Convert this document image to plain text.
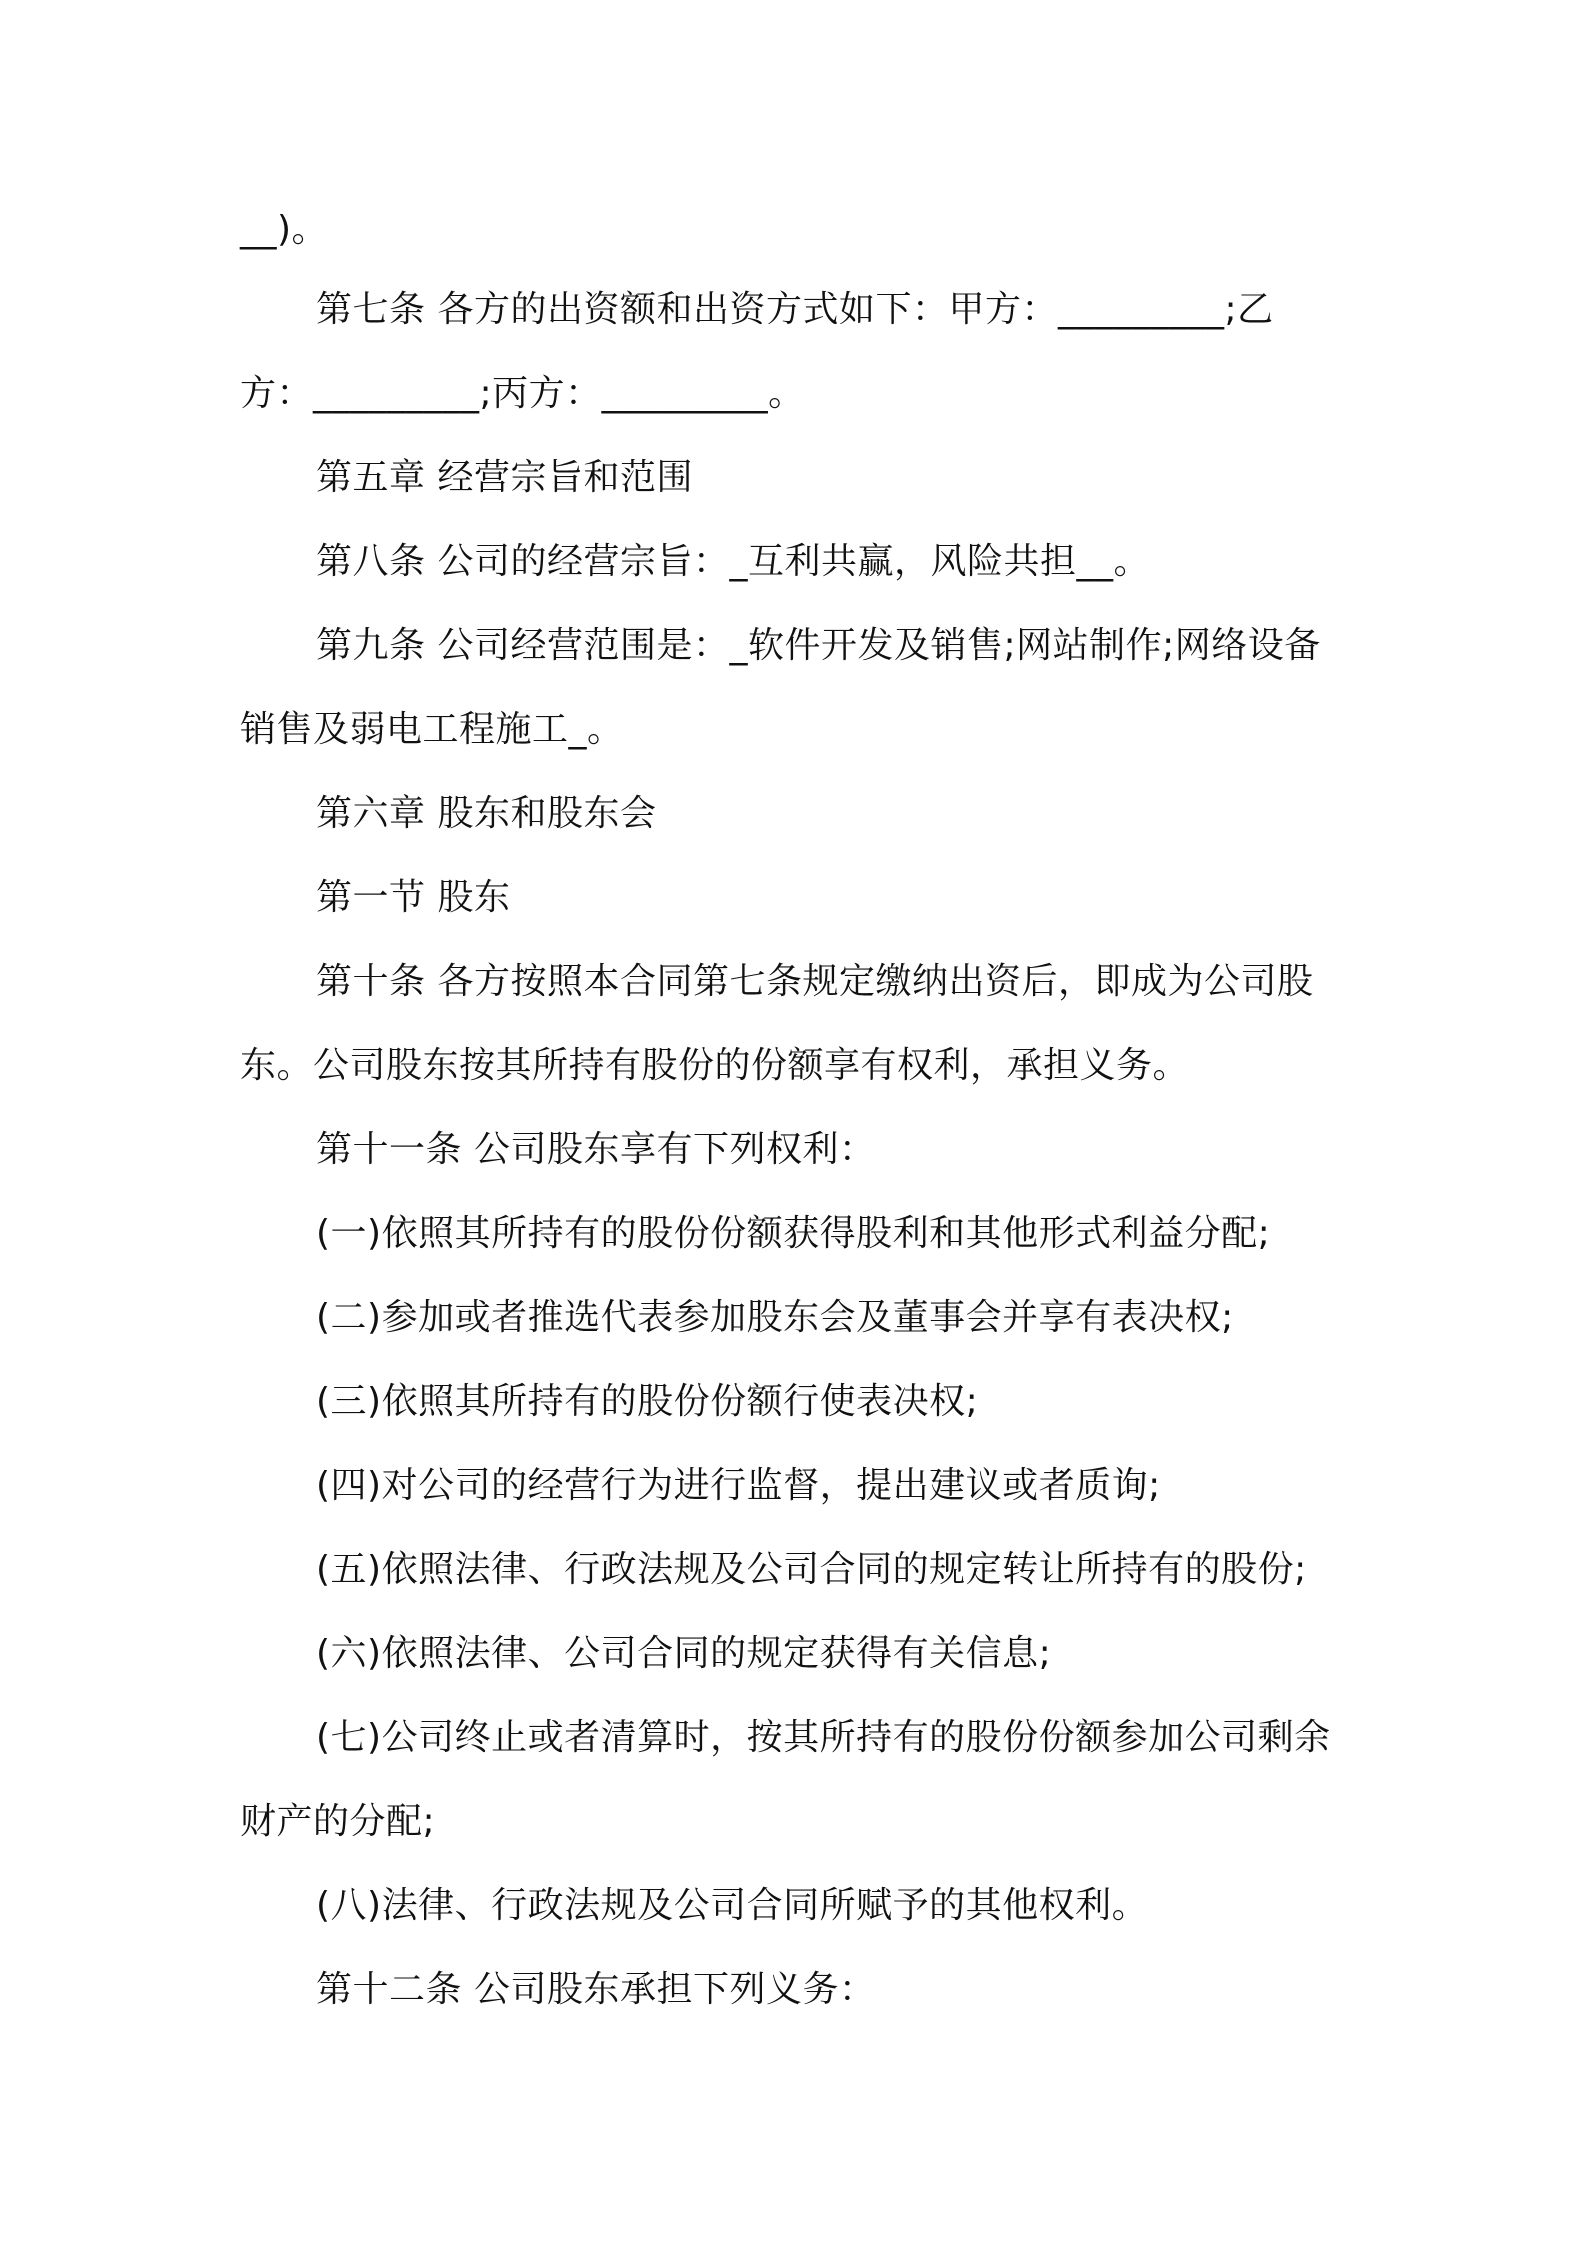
__)。
第七条 各方的出资额和出资方式如下：甲方：_________;乙
方：_________;丙方：_________。
第五章 经营宗旨和范围
第八条 公司的经营宗旨：_互利共赢，风险共担__。
第九条 公司经营范围是：_软件开发及销售;网站制作;网络设备
销售及弱电工程施工_。
第六章 股东和股东会
第一节 股东
第十条 各方按照本合同第七条规定缴纳出资后，即成为公司股
东。公司股东按其所持有股份的份额享有权利，承担义务。
第十一条 公司股东享有下列权利：
(一)依照其所持有的股份份额获得股利和其他形式利益分配;
(二)参加或者推选代表参加股东会及董事会并享有表决权;
(三)依照其所持有的股份份额行使表决权;
(四)对公司的经营行为进行监督，提出建议或者质询;
(五)依照法律、行政法规及公司合同的规定转让所持有的股份;
(六)依照法律、公司合同的规定获得有关信息;
(七)公司终止或者清算时，按其所持有的股份份额参加公司剩余
财产的分配;
(八)法律、行政法规及公司合同所赋予的其他权利。
第十二条 公司股东承担下列义务：
